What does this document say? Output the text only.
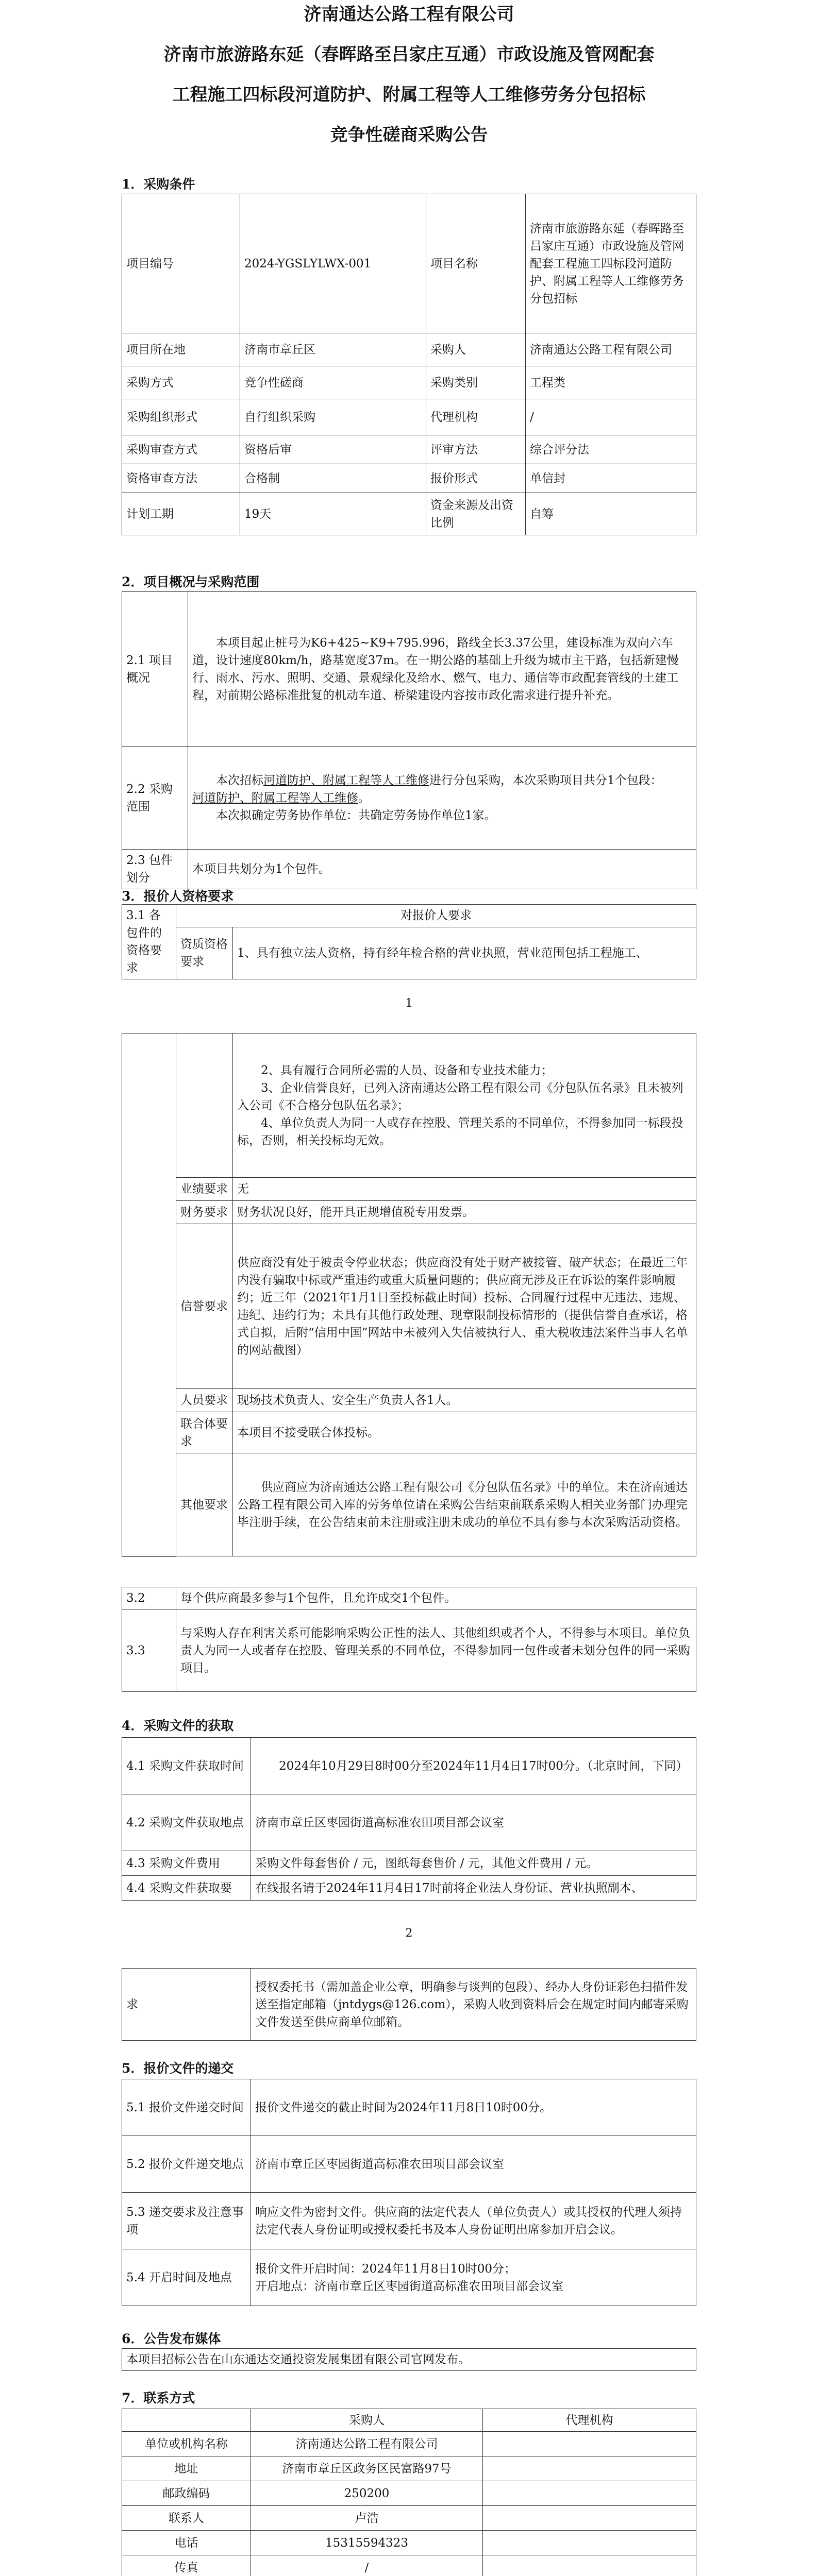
济南通达公路工程有限公司
济南市旅游路东延（春晖路至吕家庄互通）市政设施及管网配套
工程施工四标段河道防护、附属工程等人工维修劳务分包招标
竞争性磋商采购公告
1．采购条件
项目编号	2024-YGSLYLWX-001	项目名称	济南市旅游路东延（春晖路至吕家庄互通）市政设施及管网配套工程施工四标段河道防护、附属工程等人工维修劳务分包招标
项目所在地	济南市章丘区	采购人	济南通达公路工程有限公司
采购方式	竞争性磋商	采购类别	工程类
采购组织形式	自行组织采购	代理机构	/
采购审查方式	资格后审	评审方法	综合评分法
资格审查方法	合格制	报价形式	单信封
计划工期	19天	资金来源及出资比例	自筹
2．项目概况与采购范围
2.1 项目概况	本项目起止桩号为K6+425~K9+795.996，路线全长3.37公里，建设标准为双向六车道，设计速度80km/h，路基宽度37m。在一期公路的基础上升级为城市主干路，包括新建慢行、雨水、污水、照明、交通、景观绿化及给水、燃气、电力、通信等市政配套管线的土建工程，对前期公路标准批复的机动车道、桥梁建设内容按市政化需求进行提升补充。
2.2 采购范围	本次招标河道防护、附属工程等人工维修进行分包采购，本次采购项目共分1个包段：
河道防护、附属工程等人工维修。
本次拟确定劳务协作单位：共确定劳务协作单位1家。

2.3 包件划分	本项目共划分为1个包件。
3．报价人资格要求
3.1 各包件的资格要求	对报价人要求	
	资质资格要求	1、具有独立法人资格，持有经年检合格的营业执照，营业范围包括工程施工、
1

		2、具有履行合同所必需的人员、设备和专业技术能力；
3、企业信誉良好，已列入济南通达公路工程有限公司《分包队伍名录》且未被列入公司《不合格分包队伍名录》；
4、单位负责人为同一人或存在控股、管理关系的不同单位，不得参加同一标段投标，否则，相关投标均无效。

	业绩要求	无
	财务要求	财务状况良好，能开具正规增值税专用发票。
	信誉要求	供应商没有处于被责令停业状态；供应商没有处于财产被接管、破产状态；在最近三年内没有骗取中标或严重违约或重大质量问题的；供应商无涉及正在诉讼的案件影响履约；近三年（2021年1月1日至投标截止时间）投标、合同履行过程中无违法、违规、违纪、违约行为；未具有其他行政处理、现章限制投标情形的（提供信誉自查承诺，格式自拟，后附“信用中国”网站中未被列入失信被执行人、重大税收违法案件当事人名单的网站截图）
	人员要求	现场技术负责人、安全生产负责人各1人。
	联合体要求	本项目不接受联合体投标。
	其他要求	供应商应为济南通达公路工程有限公司《分包队伍名录》中的单位。未在济南通达公路工程有限公司入库的劳务单位请在采购公告结束前联系采购人相关业务部门办理完毕注册手续，在公告结束前未注册或注册未成功的单位不具有参与本次采购活动资格。

3.2	每个供应商最多参与1个包件，且允许成交1个包件。
3.3	与采购人存在利害关系可能影响采购公正性的法人、其他组织或者个人，不得参与本项目。单位负责人为同一人或者存在控股、管理关系的不同单位，不得参加同一包件或者未划分包件的同一采购项目。
4．采购文件的获取
4.1 采购文件获取时间	2024年10月29日8时00分至2024年11月4日17时00分。（北京时间，下同）
4.2 采购文件获取地点	济南市章丘区枣园街道高标准农田项目部会议室
4.3 采购文件费用	采购文件每套售价 / 元，图纸每套售价 / 元，其他文件费用 / 元。
4.4 采购文件获取要	在线报名请于2024年11月4日17时前将企业法人身份证、营业执照副本、
2
求	授权委托书（需加盖企业公章，明确参与谈判的包段）、经办人身份证彩色扫描件发送至指定邮箱（jntdygs@126.com），采购人收到资料后会在规定时间内邮寄采购文件发送至供应商单位邮箱。
5．报价文件的递交
5.1 报价文件递交时间	报价文件递交的截止时间为2024年11月8日10时00分。
5.2 报价文件递交地点	济南市章丘区枣园街道高标准农田项目部会议室
5.3 递交要求及注意事项	响应文件为密封文件。供应商的法定代表人（单位负责人）或其授权的代理人须持法定代表人身份证明或授权委托书及本人身份证明出席参加开启会议。
5.4 开启时间及地点	报价文件开启时间：2024年11月8日10时00分；
开启地点：济南市章丘区枣园街道高标准农田项目部会议室
6．公告发布媒体
本项目招标公告在山东通达交通投资发展集团有限公司官网发布。
7．联系方式
	采购人	代理机构
单位或机构名称	济南通达公路工程有限公司	
地址	济南市章丘区政务区民富路97号	
邮政编码	250200	
联系人	卢浩	
电话	15315594323	
传真	/	
